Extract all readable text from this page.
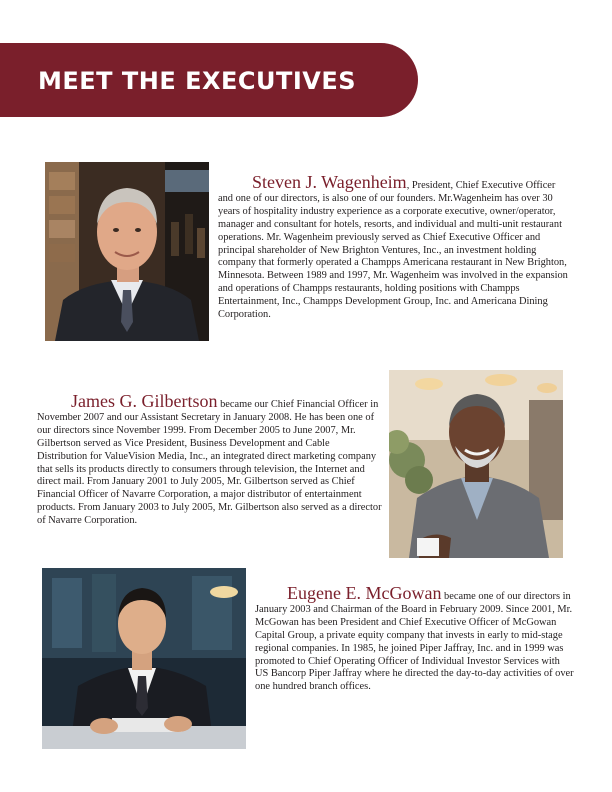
MEET THE EXECUTIVES
Steven J. Wagenheim, President, Chief Executive Officer and one of our directors, is also one of our founders. Mr.Wagenheim has over 30 years of hospitality industry experience as a corporate executive, owner/operator, manager and consultant for hotels, resorts, and individual and multi-unit restaurant operations. Mr. Wagenheim previously served as Chief Executive Officer and principal shareholder of New Brighton Ventures, Inc., an investment holding company that formerly operated a Champps Americana restaurant in New Brighton, Minnesota. Between 1989 and 1997, Mr. Wagenheim was involved in the expansion and operations of Champps restaurants, holding positions with Champps Entertainment, Inc., Champps Development Group, Inc. and Americana Dining Corporation.
James G. Gilbertson became our Chief Financial Officer in November 2007 and our Assistant Secretary in January 2008. He has been one of our directors since November 1999. From December 2005 to June 2007, Mr. Gilbertson served as Vice President, Business Development and Cable Distribution for ValueVision Media, Inc., an integrated direct marketing company that sells its products directly to consumers through television, the Internet and direct mail. From January 2001 to July 2005, Mr. Gilbertson served as Chief Financial Officer of Navarre Corporation, a major distributor of entertainment products. From January 2003 to July 2005, Mr. Gilbertson also served as a director of Navarre Corporation.
Eugene E. McGowan became one of our directors in January 2003 and Chairman of the Board in February 2009. Since 2001, Mr. McGowan has been President and Chief Executive Officer of McGowan Capital Group, a private equity company that invests in early to mid-stage regional companies. In 1985, he joined Piper Jaffray, Inc. and in 1999 was promoted to Chief Operating Officer of Individual Investor Services with US Bancorp Piper Jaffray where he directed the day-to-day activities of over one hundred branch offices.
